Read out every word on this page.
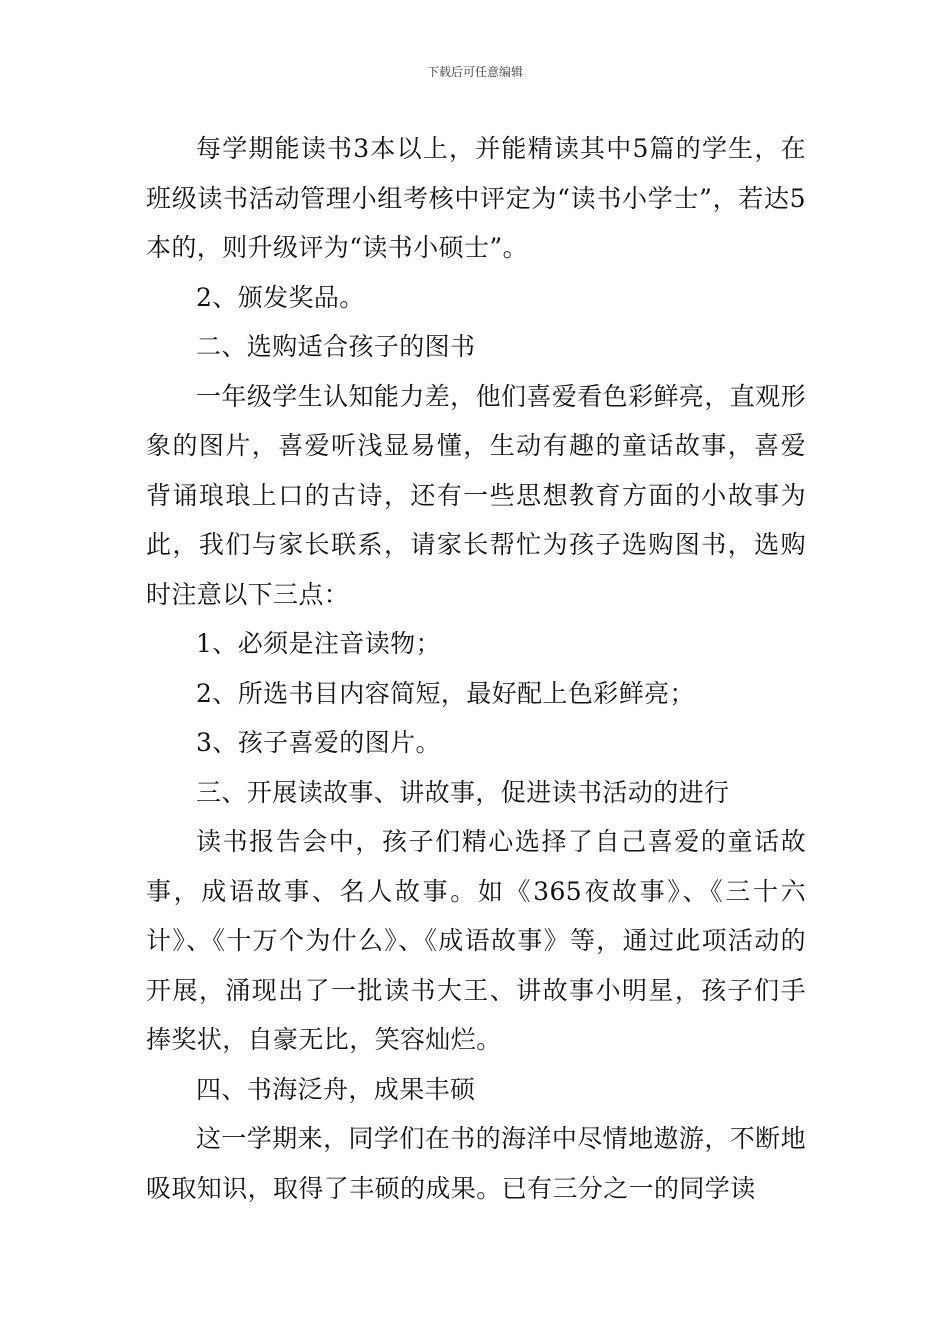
下载后可任意编辑

每学期能读书3本以上，并能精读其中5篇的学生，在班级读书活动管理小组考核中评定为“读书小学士”，若达5本的，则升级评为“读书小硕士”。

2、颁发奖品。

二、选购适合孩子的图书

一年级学生认知能力差，他们喜爱看色彩鲜亮，直观形象的图片，喜爱听浅显易懂，生动有趣的童话故事，喜爱背诵琅琅上口的古诗，还有一些思想教育方面的小故事为此，我们与家长联系，请家长帮忙为孩子选购图书，选购时注意以下三点：

1、必须是注音读物；

2、所选书目内容简短，最好配上色彩鲜亮；

3、孩子喜爱的图片。

三、开展读故事、讲故事，促进读书活动的进行

读书报告会中，孩子们精心选择了自己喜爱的童话故事，成语故事、名人故事。如《365夜故事》、《三十六计》、《十万个为什么》、《成语故事》等，通过此项活动的开展，涌现出了一批读书大王、讲故事小明星，孩子们手捧奖状，自豪无比，笑容灿烂。

四、书海泛舟，成果丰硕

这一学期来，同学们在书的海洋中尽情地遨游，不断地吸取知识，取得了丰硕的成果。已有三分之一的同学读
